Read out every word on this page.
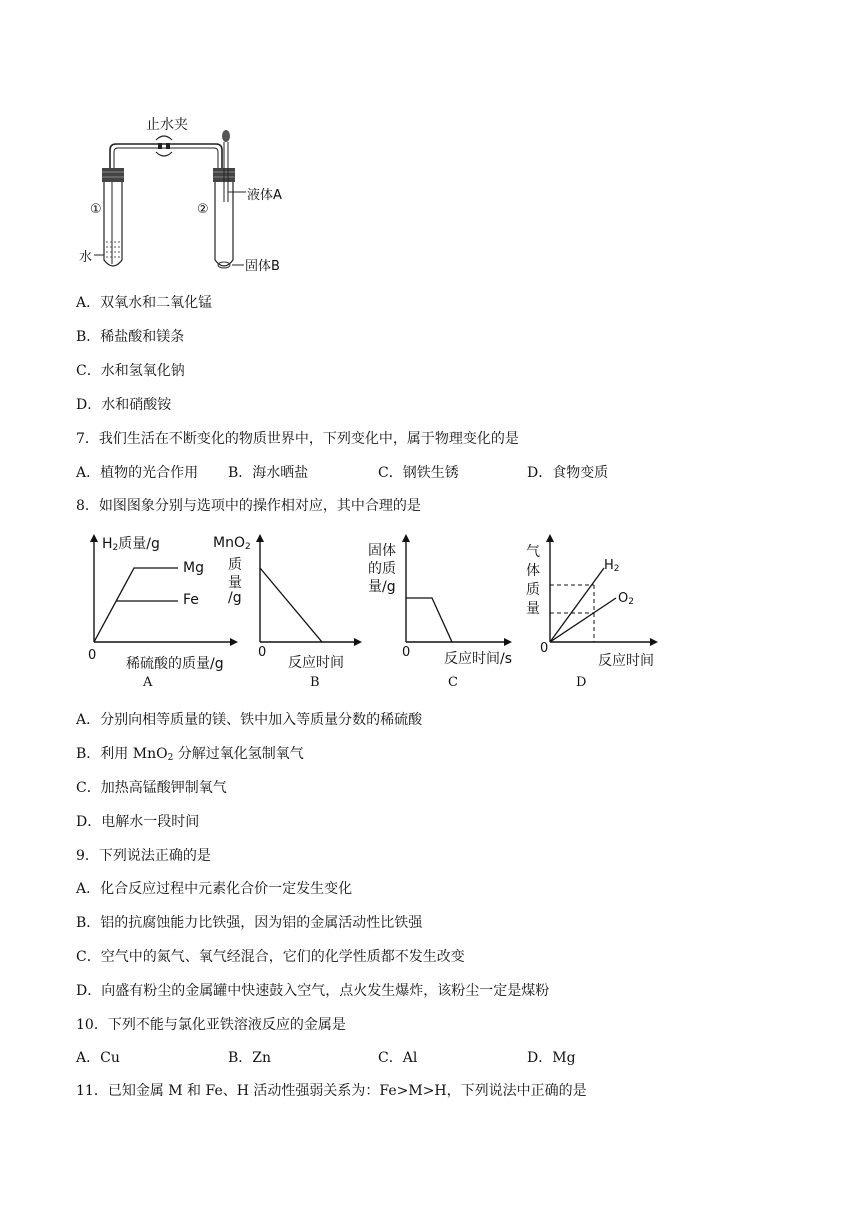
止水夹
①	②
液体A
水
固体B
A．双氧水和二氧化锰
B．稀盐酸和镁条
C．水和氢氧化钠
D．水和硝酸铵
7．我们生活在不断变化的物质世界中，下列变化中，属于物理变化的是
A．植物的光合作用 B．海水晒盐	C．钢铁生锈	D．食物变质
8．如图图象分别与选项中的操作相对应，其中合理的是
$H_2$质量/g
Mg
Fe
0
稀硫酸的质量/g
A
MnO$_2$
质
量
/g
0
反应时间
B
固体
的质
量/g
0 反应时间/s
C
气
体
质
量
$H_2$
$O_2$
0
反应时间
D
A．分别向相等质量的镁、铁中加入等质量分数的稀硫酸
B．利用 MnO$_2$ 分解过氧化氢制氧气
C．加热高锰酸钾制氧气
D．电解水一段时间
9．下列说法正确的是
A．化合反应过程中元素化合价一定发生变化
B．铝的抗腐蚀能力比铁强，因为铝的金属活动性比铁强
C．空气中的氮气、氧气经混合，它们的化学性质都不发生改变
D．向盛有粉尘的金属罐中快速鼓入空气，点火发生爆炸，该粉尘一定是煤粉
10．下列不能与氯化亚铁溶液反应的金属是
A．Cu	B．Zn	C．Al	D．Mg
11．已知金属 M 和 Fe、H 活动性强弱关系为：Fe>M>H，下列说法中正确的是
